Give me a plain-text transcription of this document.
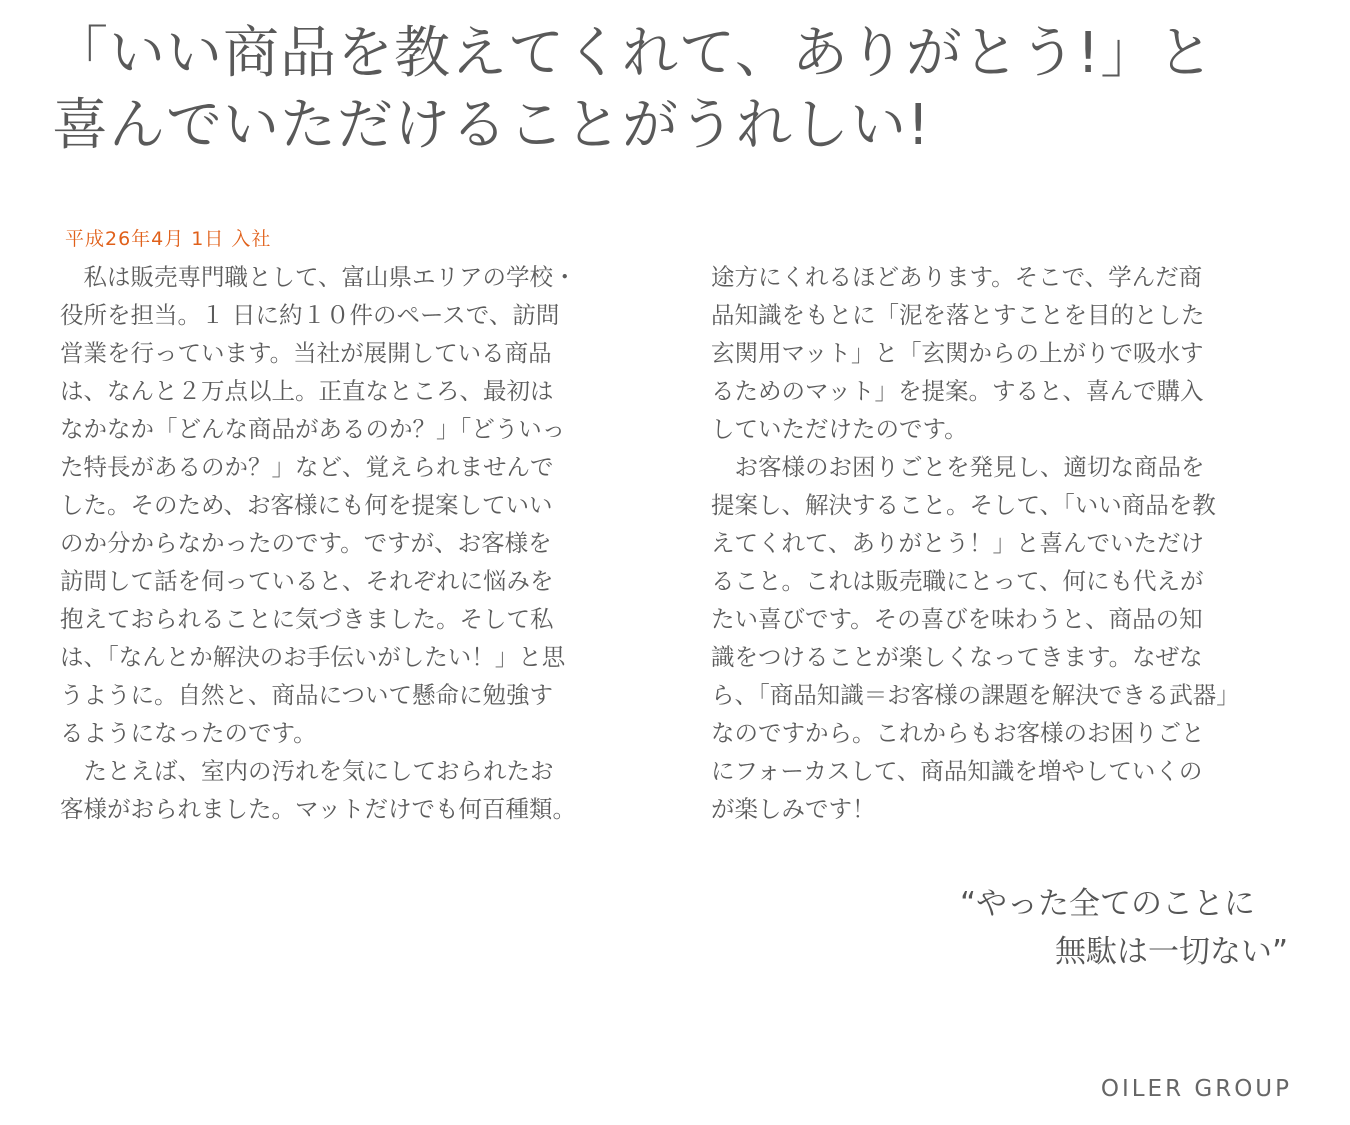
「いい商品を教えてくれて、ありがとう!」と
喜んでいただけることがうれしい!
平成26年4月 1日 入社
　私は販売専門職として、富山県エリアの学校・
役所を担当。１ 日に約１０件のペースで、訪問
営業を行っています。当社が展開している商品
は、なんと２万点以上。正直なところ、最初は
なかなか「どんな商品があるのか？」「どういっ
た特長があるのか？」など、覚えられませんで
した。そのため、お客様にも何を提案していい
のか分からなかったのです。ですが、お客様を
訪問して話を伺っていると、それぞれに悩みを
抱えておられることに気づきました。そして私
は、「なんとか解決のお手伝いがしたい！」と思
うように。自然と、商品について懸命に勉強す
るようになったのです。
　たとえば、室内の汚れを気にしておられたお
客様がおられました。マットだけでも何百種類。
途方にくれるほどあります。そこで、学んだ商
品知識をもとに「泥を落とすことを目的とした
玄関用マット」と「玄関からの上がりで吸水す
るためのマット」を提案。すると、喜んで購入
していただけたのです。
　お客様のお困りごとを発見し、適切な商品を
提案し、解決すること。そして、「いい商品を教
えてくれて、ありがとう！」と喜んでいただけ
ること。これは販売職にとって、何にも代えが
たい喜びです。その喜びを味わうと、商品の知
識をつけることが楽しくなってきます。なぜな
ら、「商品知識＝お客様の課題を解決できる武器」
なのですから。これからもお客様のお困りごと
にフォーカスして、商品知識を増やしていくの
が楽しみです！
“やった全てのことに
無駄は一切ない”
OILER GROUP
